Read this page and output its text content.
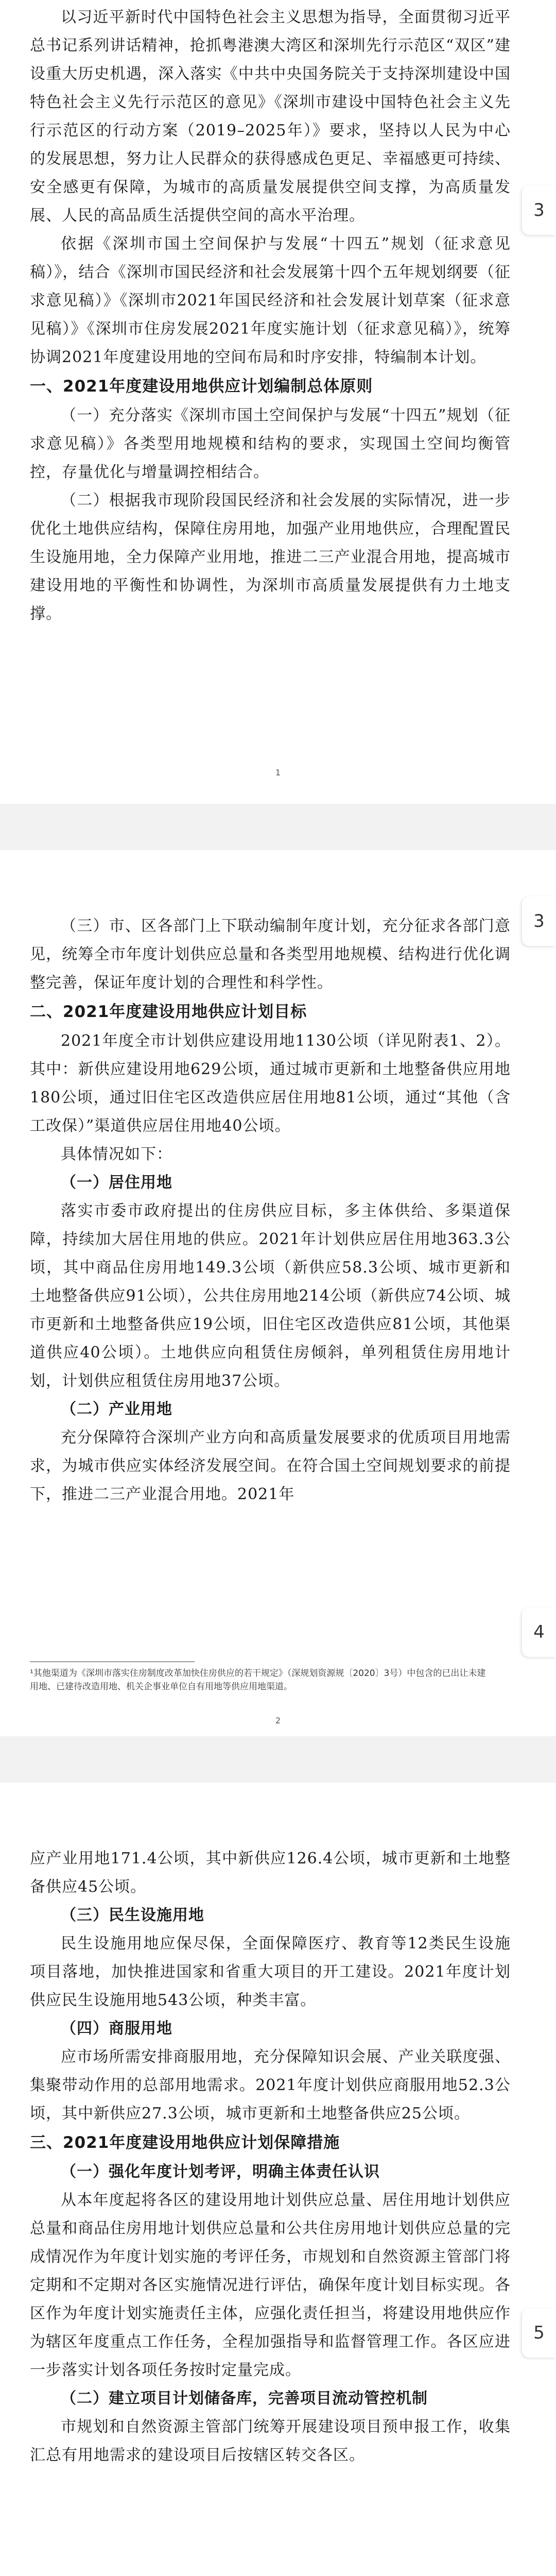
以习近平新时代中国特色社会主义思想为指导，全面贯彻习近平总书记系列讲话精神，抢抓粤港澳大湾区和深圳先行示范区“双区”建设重大历史机遇，深入落实《中共中央国务院关于支持深圳建设中国特色社会主义先行示范区的意见》《深圳市建设中国特色社会主义先行示范区的行动方案（2019–2025年）》要求，坚持以人民为中心的发展思想，努力让人民群众的获得感成色更足、幸福感更可持续、安全感更有保障，为城市的高质量发展提供空间支撑，为高质量发展、人民的高品质生活提供空间的高水平治理。

依据《深圳市国土空间保护与发展“十四五”规划（征求意见稿）》，结合《深圳市国民经济和社会发展第十四个五年规划纲要（征求意见稿）》《深圳市2021年国民经济和社会发展计划草案（征求意见稿）》《深圳市住房发展2021年度实施计划（征求意见稿）》，统筹协调2021年度建设用地的空间布局和时序安排，特编制本计划。

一、2021年度建设用地供应计划编制总体原则

（一）充分落实《深圳市国土空间保护与发展“十四五”规划（征求意见稿）》各类型用地规模和结构的要求，实现国土空间均衡管控，存量优化与增量调控相结合。

（二）根据我市现阶段国民经济和社会发展的实际情况，进一步优化土地供应结构，保障住房用地，加强产业用地供应，合理配置民生设施用地，全力保障产业用地，推进二三产业混合用地，提高城市建设用地的平衡性和协调性，为深圳市高质量发展提供有力土地支撑。

1

（三）市、区各部门上下联动编制年度计划，充分征求各部门意见，统筹全市年度计划供应总量和各类型用地规模、结构进行优化调整完善，保证年度计划的合理性和科学性。

二、2021年度建设用地供应计划目标

2021年度全市计划供应建设用地1130公顷（详见附表1、2）。其中：新供应建设用地629公顷，通过城市更新和土地整备供应用地180公顷，通过旧住宅区改造供应居住用地81公顷，通过“其他（含工改保）”渠道供应居住用地40公顷。

具体情况如下：

（一）居住用地

落实市委市政府提出的住房供应目标，多主体供给、多渠道保障，持续加大居住用地的供应。2021年计划供应居住用地363.3公顷，其中商品住房用地149.3公顷（新供应58.3公顷、城市更新和土地整备供应91公顷），公共住房用地214公顷（新供应74公顷、城市更新和土地整备供应19公顷，旧住宅区改造供应81公顷，其他渠道供应40公顷）。土地供应向租赁住房倾斜，单列租赁住房用地计划，计划供应租赁住房用地37公顷。

（二）产业用地

充分保障符合深圳产业方向和高质量发展要求的优质项目用地需求，为城市供应实体经济发展空间。在符合国土空间规划要求的前提下，推进二三产业混合用地。2021年

¹其他渠道为《深圳市落实住房制度改革加快住房供应的若干规定》（深规划资源规〔2020〕3号）中包含的已出让未建用地、已建待改造用地、机关企事业单位自有用地等供应用地渠道。
2

应产业用地171.4公顷，其中新供应126.4公顷，城市更新和土地整备供应45公顷。

（三）民生设施用地

民生设施用地应保尽保，全面保障医疗、教育等12类民生设施项目落地，加快推进国家和省重大项目的开工建设。2021年度计划供应民生设施用地543公顷，种类丰富。

（四）商服用地

应市场所需安排商服用地，充分保障知识会展、产业关联度强、集聚带动作用的总部用地需求。2021年度计划供应商服用地52.3公顷，其中新供应27.3公顷，城市更新和土地整备供应25公顷。

三、2021年度建设用地供应计划保障措施
（一）强化年度计划考评，明确主体责任认识

从本年度起将各区的建设用地计划供应总量、居住用地计划供应总量和商品住房用地计划供应总量和公共住房用地计划供应总量的完成情况作为年度计划实施的考评任务，市规划和自然资源主管部门将定期和不定期对各区实施情况进行评估，确保年度计划目标实现。各区作为年度计划实施责任主体，应强化责任担当，将建设用地供应作为辖区年度重点工作任务，全程加强指导和监督管理工作。各区应进一步落实计划各项任务按时定量完成。

（二）建立项目计划储备库，完善项目流动管控机制

市规划和自然资源主管部门统筹开展建设项目预申报工作，收集汇总有用地需求的建设项目后按辖区转交各区。

3
3
4
5
